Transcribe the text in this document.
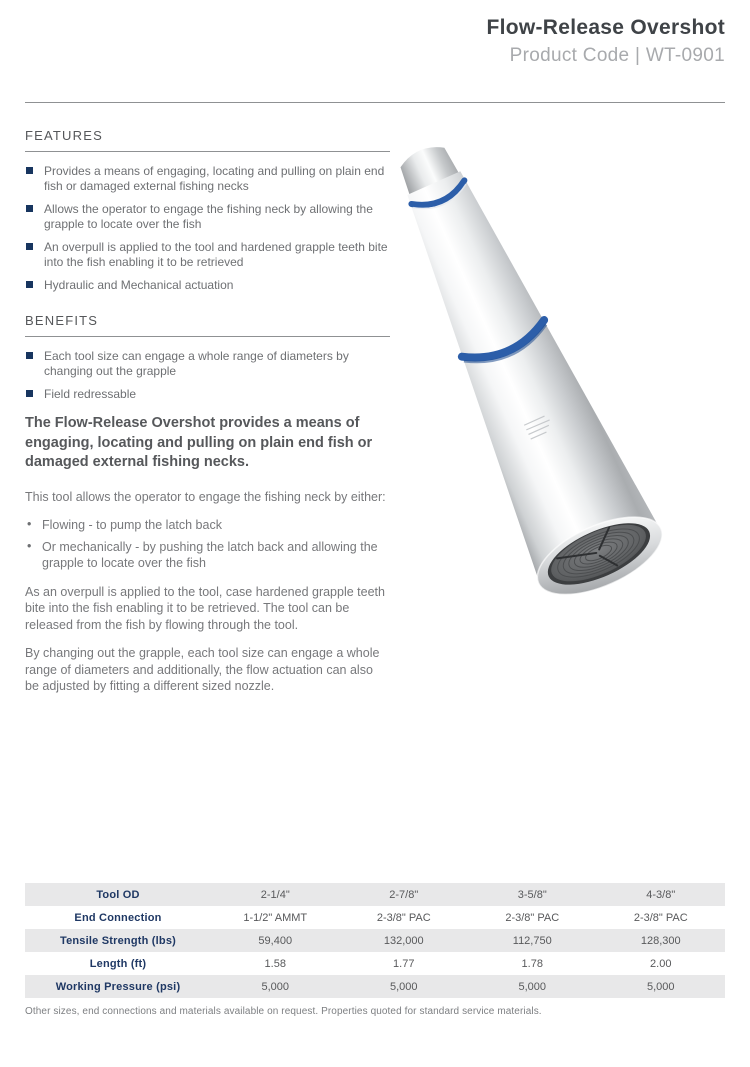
Flow-Release Overshot
Product Code | WT-0901
FEATURES
Provides a means of engaging, locating and pulling on plain end fish or damaged external fishing necks
Allows the operator to engage the fishing neck by allowing the grapple to locate over the fish
An overpull is applied to the tool and hardened grapple teeth bite into the fish enabling it to be retrieved
Hydraulic and Mechanical actuation
BENEFITS
Each tool size can engage a whole range of diameters by changing out the grapple
Field redressable
The Flow-Release Overshot provides a means of engaging, locating and pulling on plain end fish or damaged external fishing necks.
This tool allows the operator to engage the fishing neck by either:
• Flowing - to pump the latch back
• Or mechanically - by pushing the latch back and allowing the grapple to locate over the fish
As an overpull is applied to the tool, case hardened grapple teeth bite into the fish enabling it to be retrieved. The tool can be released from the fish by flowing through the tool.
By changing out the grapple, each tool size can engage a whole range of diameters and additionally, the flow actuation can also be adjusted by fitting a different sized nozzle.
Tool OD	2-1/4"	2-7/8"	3-5/8"	4-3/8"
End Connection	1-1/2" AMMT	2-3/8" PAC	2-3/8" PAC	2-3/8" PAC
Tensile Strength (lbs)	59,400	132,000	112,750	128,300
Length (ft)	1.58	1.77	1.78	2.00
Working Pressure (psi)	5,000	5,000	5,000	5,000
Other sizes, end connections and materials available on request. Properties quoted for standard service materials.
